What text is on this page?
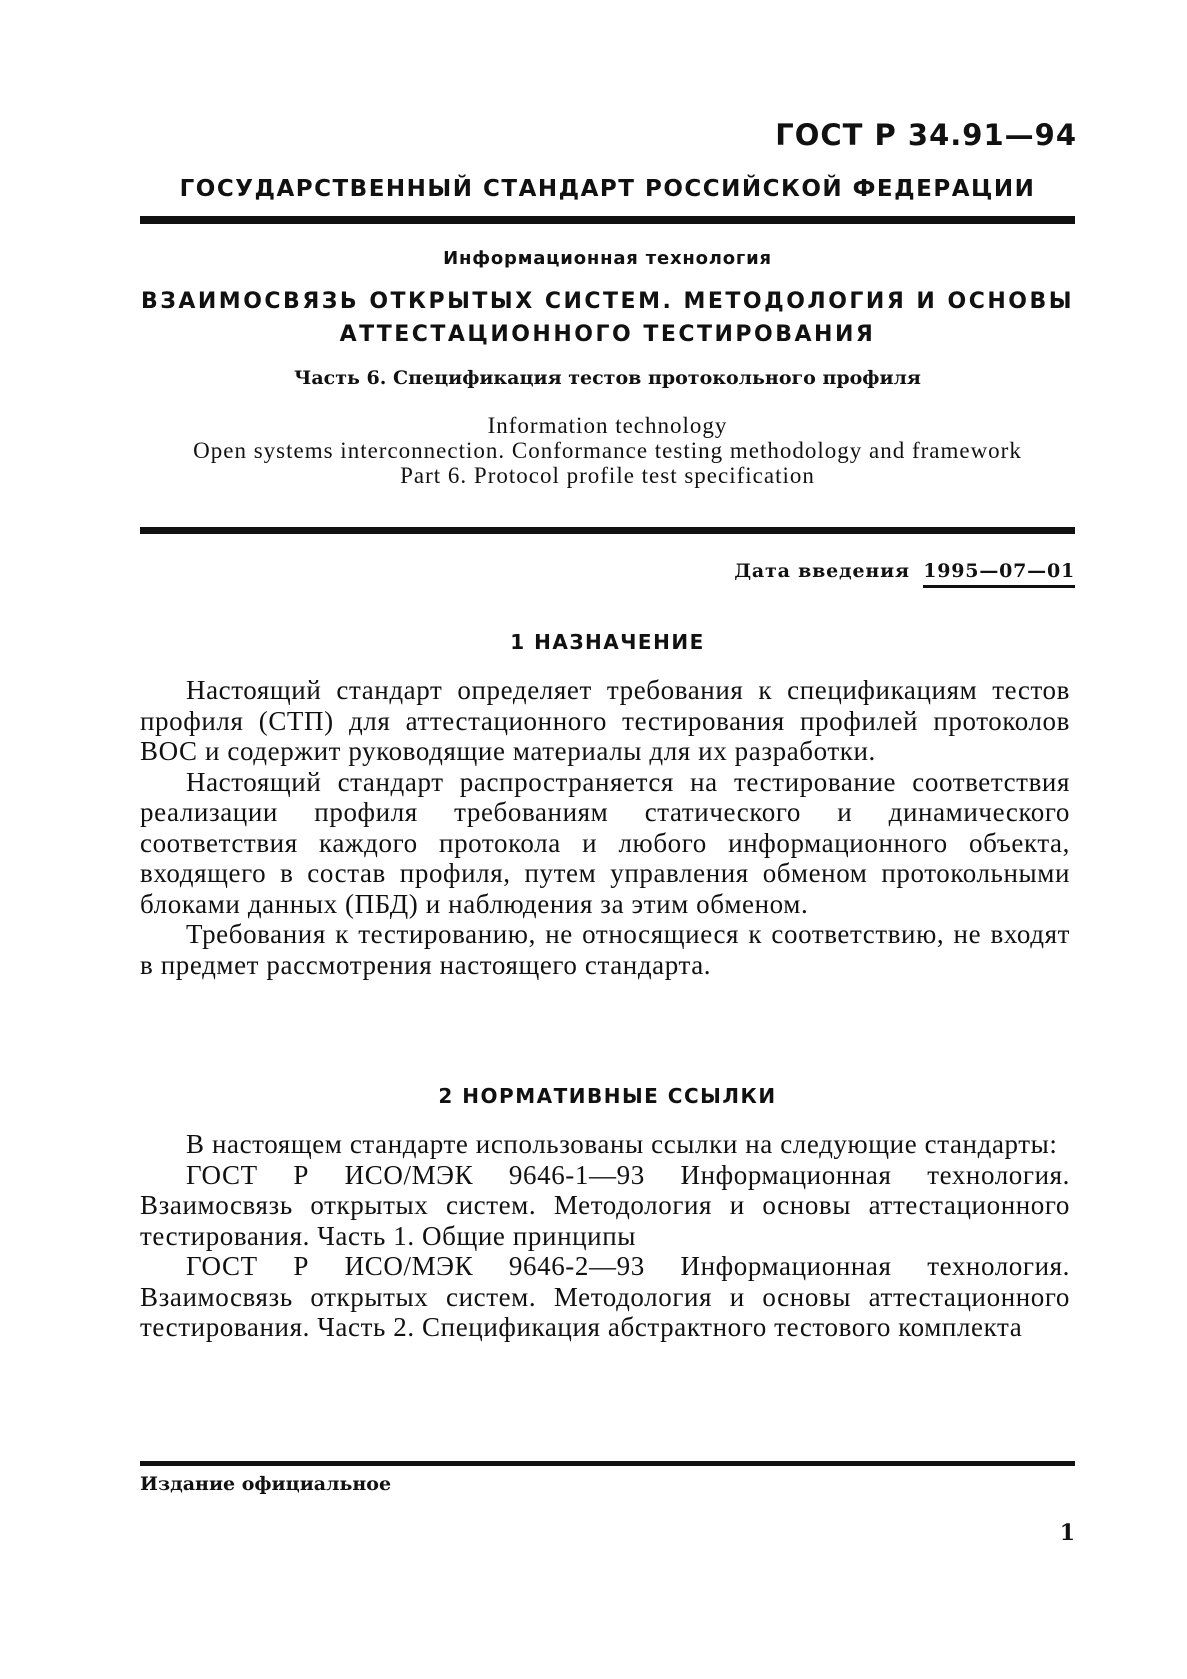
ГОСТ Р 34.91—94
ГОСУДАРСТВЕННЫЙ СТАНДАРТ РОССИЙСКОЙ ФЕДЕРАЦИИ
Информационная технология
ВЗАИМОСВЯЗЬ ОТКРЫТЫХ СИСТЕМ. МЕТОДОЛОГИЯ И ОСНОВЫ
АТТЕСТАЦИОННОГО ТЕСТИРОВАНИЯ
Часть 6. Спецификация тестов протокольного профиля
Information technology
Open systems interconnection. Conformance testing methodology and framework
Part 6. Protocol profile test specification
Дата введения 1995—07—01
1 НАЗНАЧЕНИЕ

Настоящий стандарт определяет требования к спецификациям тестов профиля (СТП) для аттестационного тестирования профилей протоколов ВОС и содержит руководящие материалы для их разработки.

Настоящий стандарт распространяется на тестирование соответствия реализации профиля требованиям статического и динамического соответствия каждого протокола и любого информационного объекта, входящего в состав профиля, путем управления обменом протокольными блоками данных (ПБД) и наблюдения за этим обменом.

Требования к тестированию, не относящиеся к соответствию, не входят в предмет рассмотрения настоящего стандарта.

2 НОРМАТИВНЫЕ ССЫЛКИ

В настоящем стандарте использованы ссылки на следующие стандарты:

ГОСТ Р ИСО/МЭК 9646-1—93 Информационная технология. Взаимосвязь открытых систем. Методология и основы аттестационного тестирования. Часть 1. Общие принципы

ГОСТ Р ИСО/МЭК 9646-2—93 Информационная технология. Взаимосвязь открытых систем. Методология и основы аттестационного тестирования. Часть 2. Спецификация абстрактного тестового комплекта

Издание официальное
1
